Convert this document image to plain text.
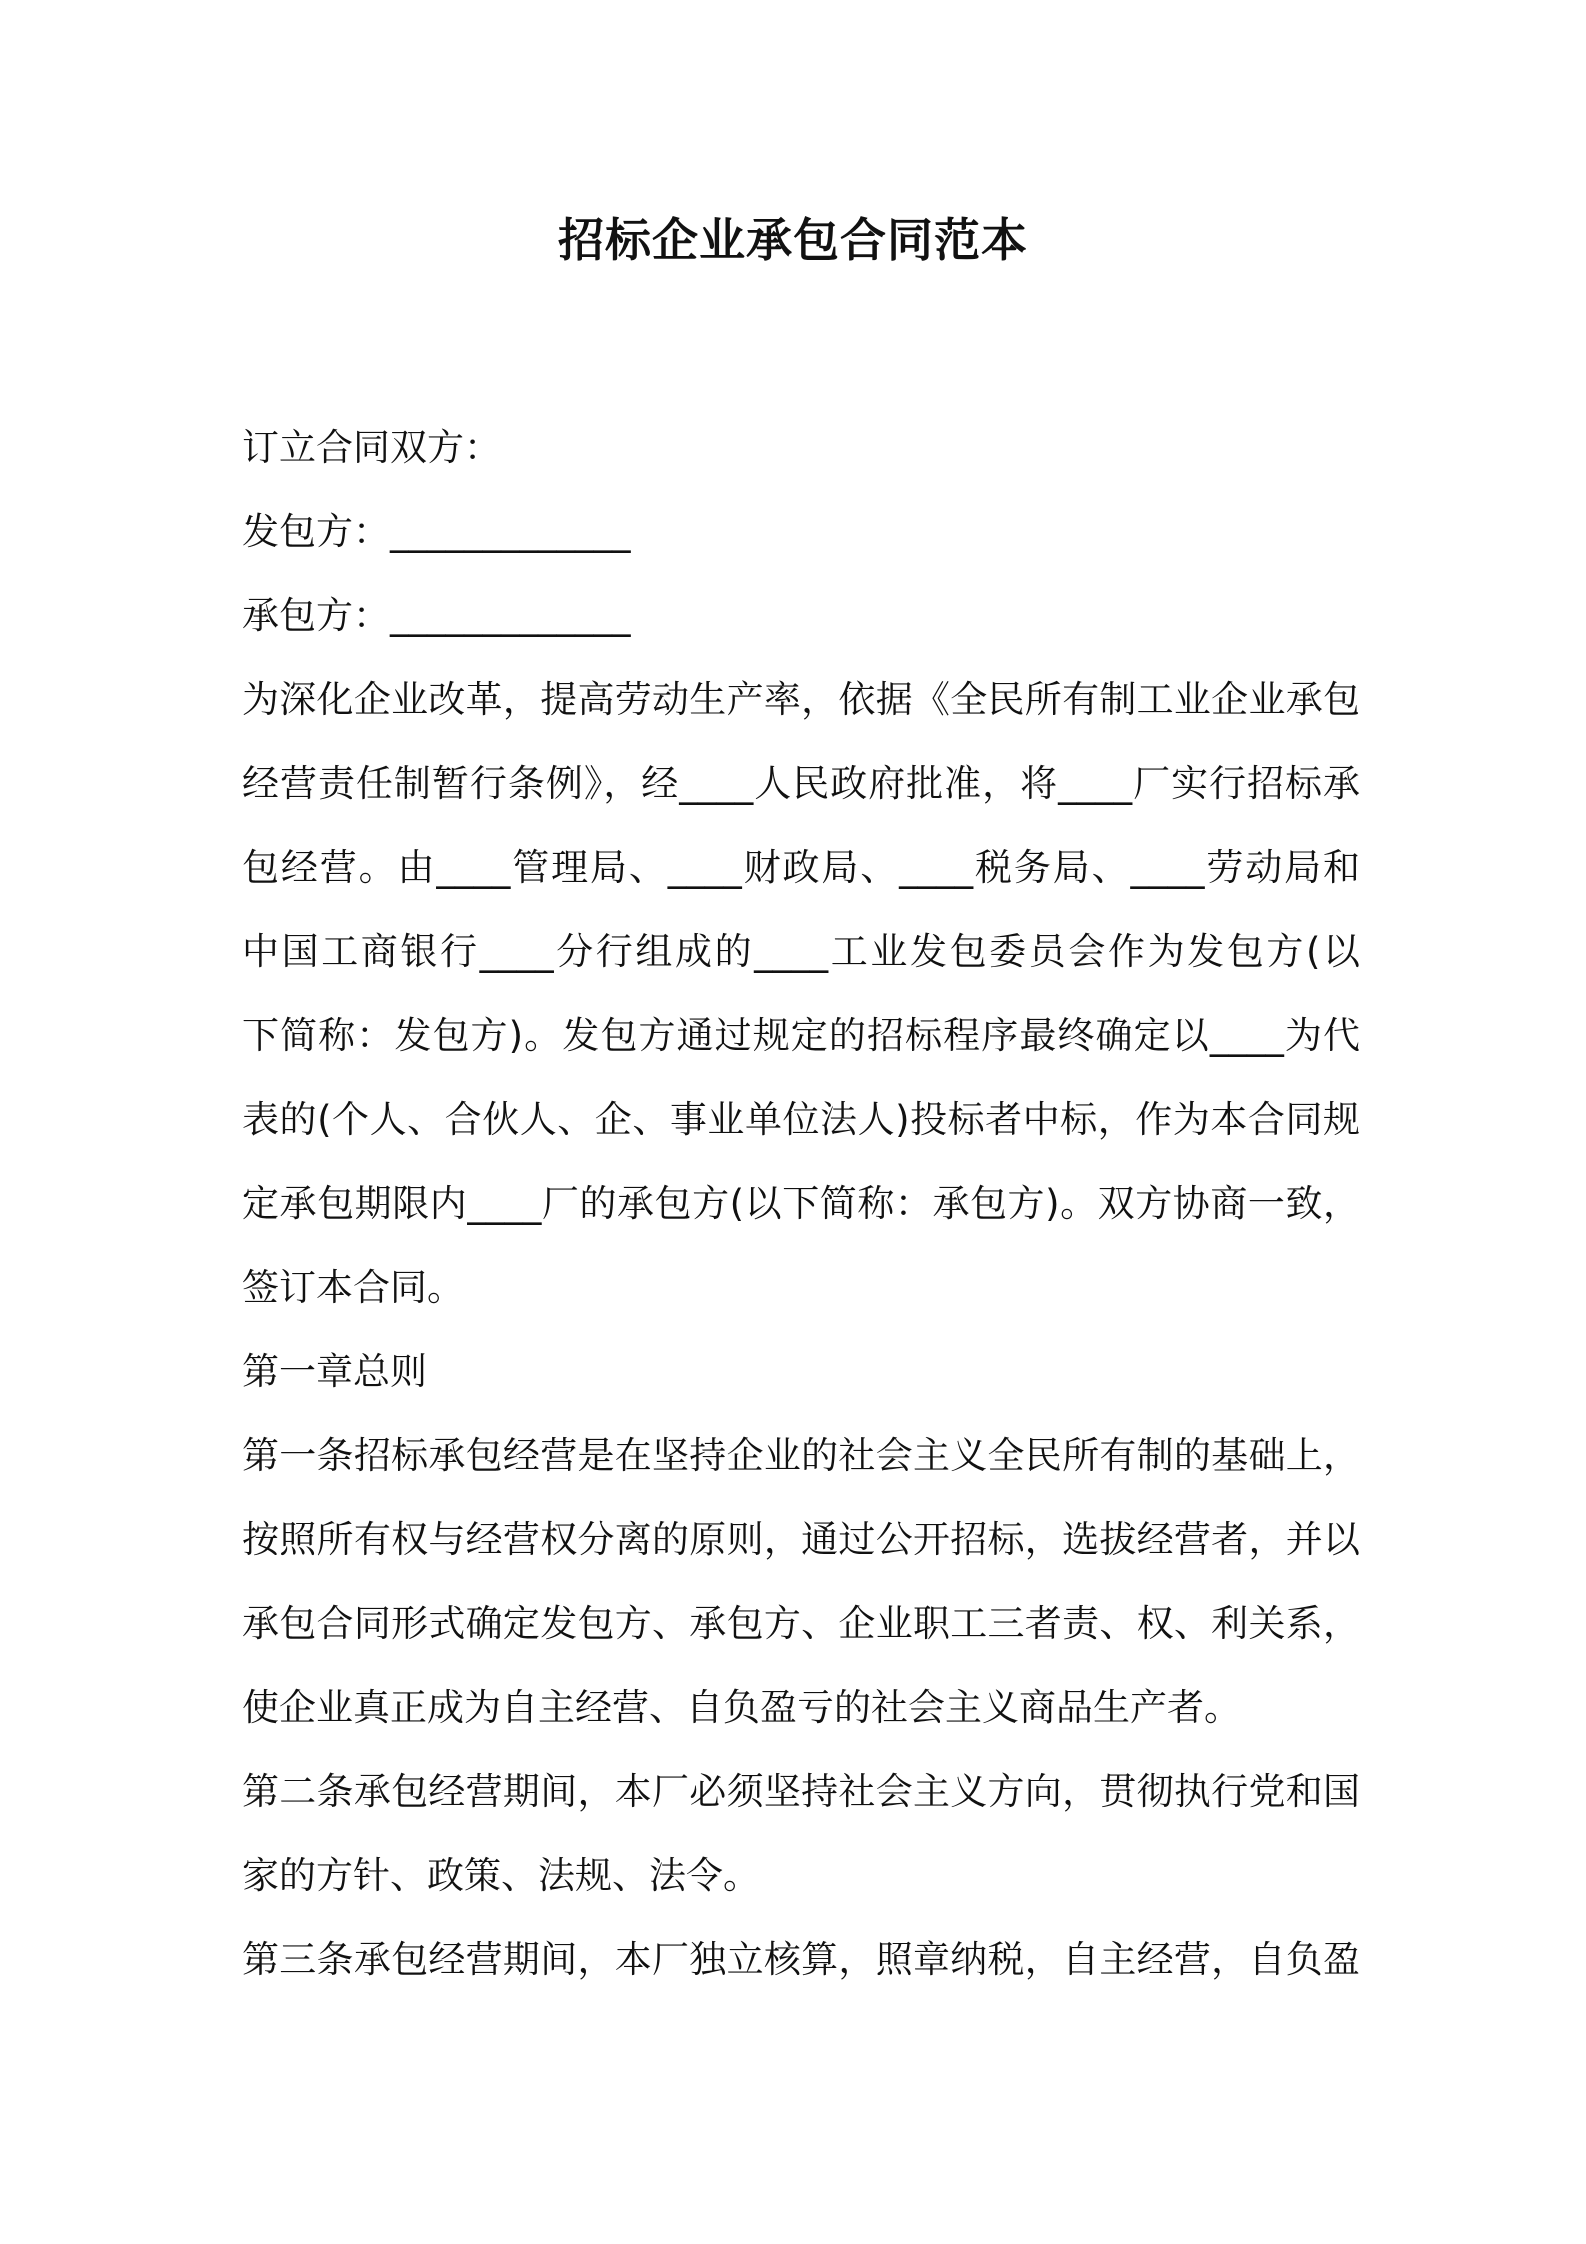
招标企业承包合同范本

订立合同双方：

发包方：_____________

承包方：_____________

为深化企业改革，提高劳动生产率，依据《全民所有制工业企业承包

经营责任制暂行条例》，经____人民政府批准，将____厂实行招标承

包经营。由____管理局、____财政局、____税务局、____劳动局和

中国工商银行____分行组成的____工业发包委员会作为发包方(以

下简称：发包方)。发包方通过规定的招标程序最终确定以____为代

表的(个人、合伙人、企、事业单位法人)投标者中标，作为本合同规

定承包期限内____厂的承包方(以下简称：承包方)。双方协商一致，

签订本合同。

第一章总则

第一条招标承包经营是在坚持企业的社会主义全民所有制的基础上，

按照所有权与经营权分离的原则，通过公开招标，选拔经营者，并以

承包合同形式确定发包方、承包方、企业职工三者责、权、利关系，

使企业真正成为自主经营、自负盈亏的社会主义商品生产者。

第二条承包经营期间，本厂必须坚持社会主义方向，贯彻执行党和国

家的方针、政策、法规、法令。

第三条承包经营期间，本厂独立核算，照章纳税，自主经营，自负盈
